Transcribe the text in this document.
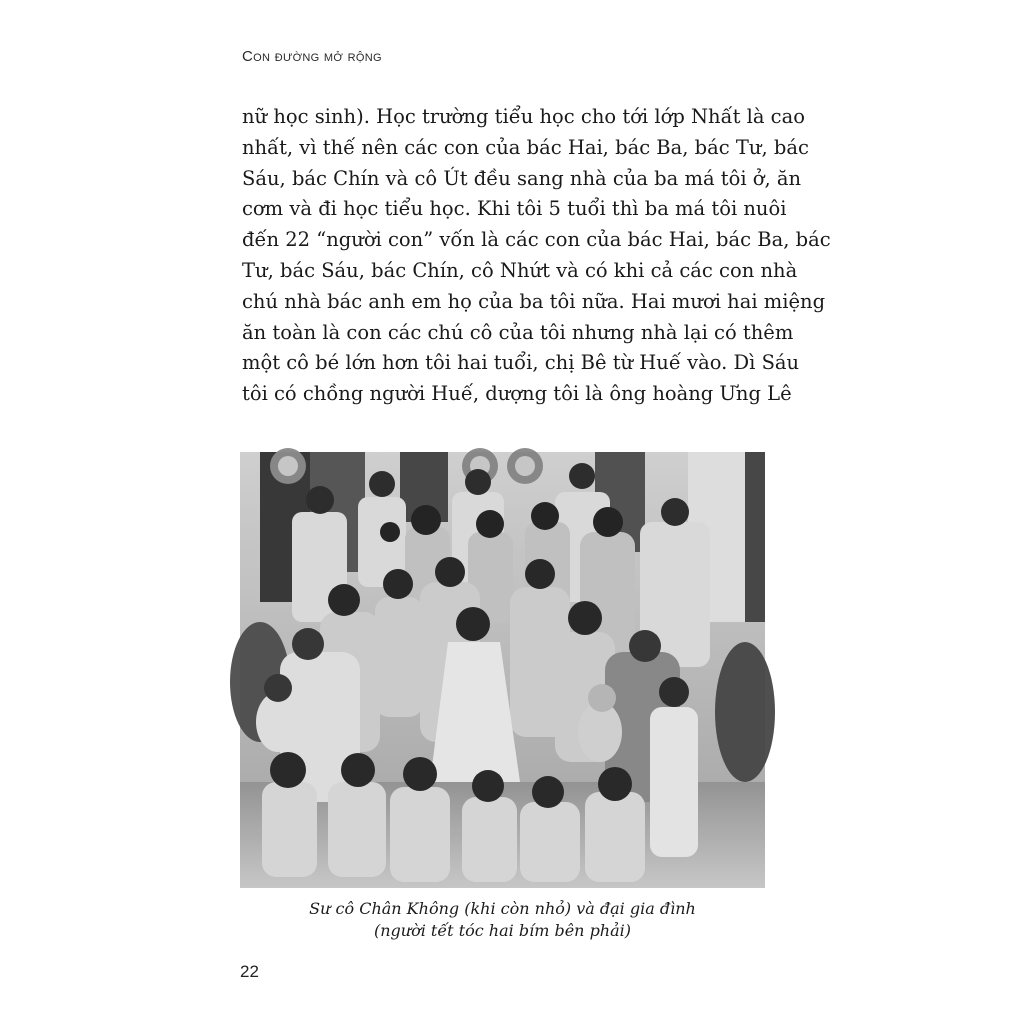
Con đường mở rộng
nữ học sinh). Học trường tiểu học cho tới lớp Nhất là cao
nhất, vì thế nên các con của bác Hai, bác Ba, bác Tư, bác
Sáu, bác Chín và cô Út đều sang nhà của ba má tôi ở, ăn
cơm và đi học tiểu học. Khi tôi 5 tuổi thì ba má tôi nuôi
đến 22 “người con” vốn là các con của bác Hai, bác Ba, bác
Tư, bác Sáu, bác Chín, cô Nhứt và có khi cả các con nhà
chú nhà bác anh em họ của ba tôi nữa. Hai mươi hai miệng
ăn toàn là con các chú cô của tôi nhưng nhà lại có thêm
một cô bé lớn hơn tôi hai tuổi, chị Bê từ Huế vào. Dì Sáu
tôi có chồng người Huế, dượng tôi là ông hoàng Ưng Lê
Sư cô Chân Không (khi còn nhỏ) và đại gia đình
(người tết tóc hai bím bên phải)
22
